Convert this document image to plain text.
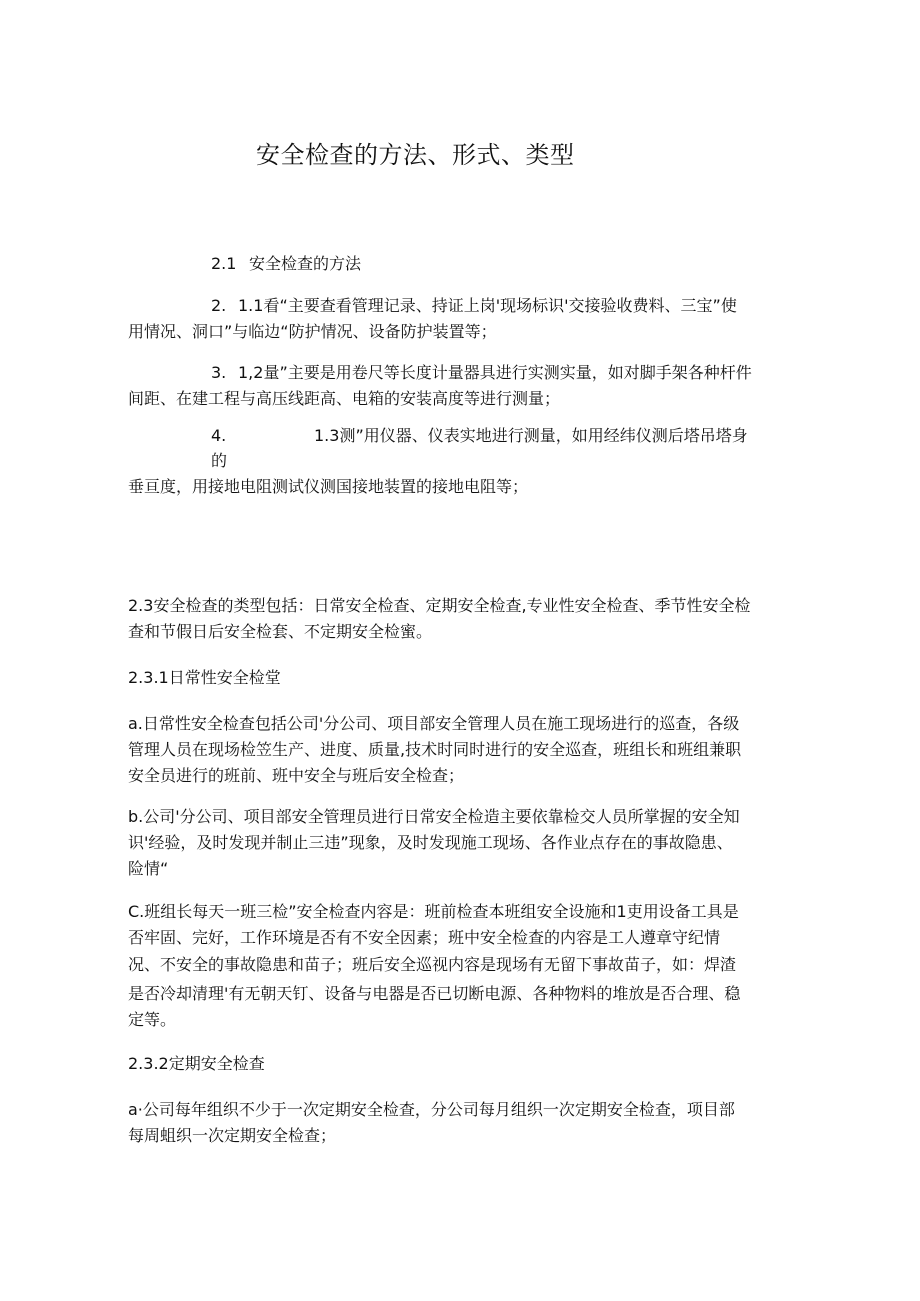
安全检查的方法、形式、类型
2.1 安全检查的方法
2. 1.1看“主要查看管理记录、持证上岗'现场标识'交接验收费料、三宝”使
用情况、洞口”与临边“防护情况、设备防护装置等；
3. 1,2量”主要是用卷尺等长度计量器具进行实测实量，如对脚手架各种杆件
间距、在建工程与高压线距高、电箱的安装高度等进行测量；
4.	1.3测”用仪器、仪表实地进行测量，如用经纬仪测后塔吊塔身
的
垂亘度，用接地电阻测试仪测国接地装置的接地电阻等；
2.3安全检查的类型包括：日常安全检查、定期安全检查,专业性安全检查、季节性安全检
查和节假日后安全检套、不定期安全检蜜。
2.3.1日常性安全检堂
a.日常性安全检查包括公司'分公司、项目部安全管理人员在施工现场进行的巡查，各级
管理人员在现场检笠生产、进度、质量,技术时同时进行的安全巡查，班组长和班组兼职
安全员进行的班前、班中安全与班后安全检查；
b.公司'分公司、项目部安全管理员进行日常安全检造主要依靠检交人员所掌握的安全知
识'经验，及时发现并制止三违”现象，及时发现施工现场、各作业点存在的事故隐患、
险情“
C.班组长每天一班三检”安全检查内容是：班前检查本班组安全设施和1吏用设备工具是
否牢固、完好，工作环境是否有不安全因素；班中安全检查的内容是工人遵章守纪情
况、不安全的事故隐患和苗子；班后安全巡视内容是现场有无留下事故苗子，如：焊渣
是否冷却清理'有无朝天钉、设备与电器是否已切断电源、各种物料的堆放是否合理、稳
定等。
2.3.2定期安全检查
a·公司每年组织不少于一次定期安全检查，分公司每月组织一次定期安全检查，项目部
每周蛆织一次定期安全检查；
